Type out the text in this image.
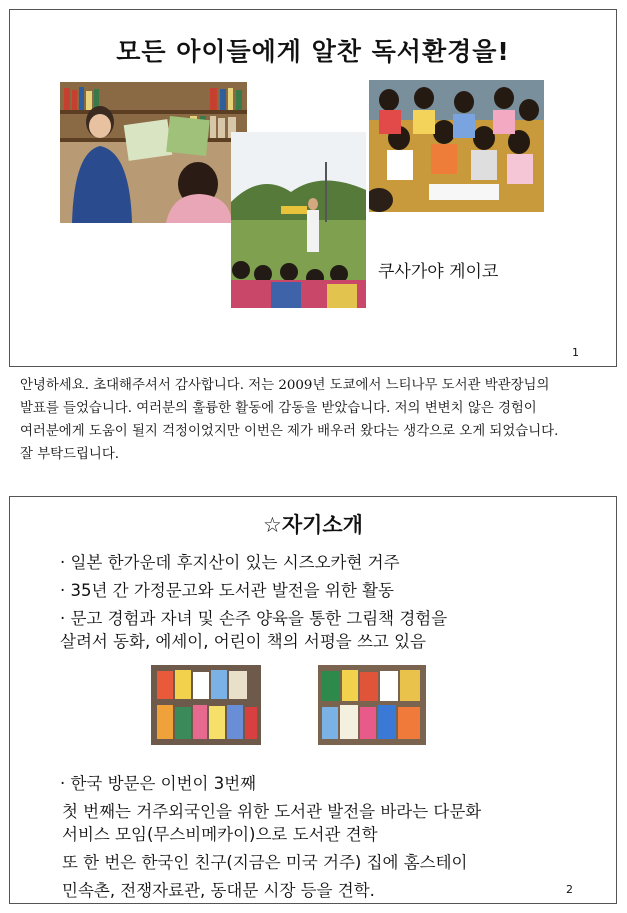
모든 아이들에게 알찬 독서환경을!
쿠사가야 게이코
1
안녕하세요. 초대해주셔서 감사합니다. 저는 2009년 도쿄에서 느티나무 도서관 박관장님의
발표를 들었습니다. 여러분의 훌륭한 활동에 감동을 받았습니다. 저의 변변치 않은 경험이
여러분에게 도움이 될지 걱정이었지만 이번은 제가 배우러 왔다는 생각으로 오게 되었습니다.
잘 부탁드립니다.
☆자기소개
· 일본 한가운데 후지산이 있는 시즈오카현 거주
· 35년 간 가정문고와 도서관 발전을 위한 활동
· 문고 경험과 자녀 및 손주 양육을 통한 그림책 경험을
살려서 동화, 에세이, 어린이 책의 서평을 쓰고 있음
· 한국 방문은 이번이 3번째
첫 번째는 거주외국인을 위한 도서관 발전을 바라는 다문화
서비스 모임(무스비메카이)으로 도서관 견학
또 한 번은 한국인 친구(지금은 미국 거주) 집에 홈스테이
민속촌, 전쟁자료관, 동대문 시장 등을 견학.	2
